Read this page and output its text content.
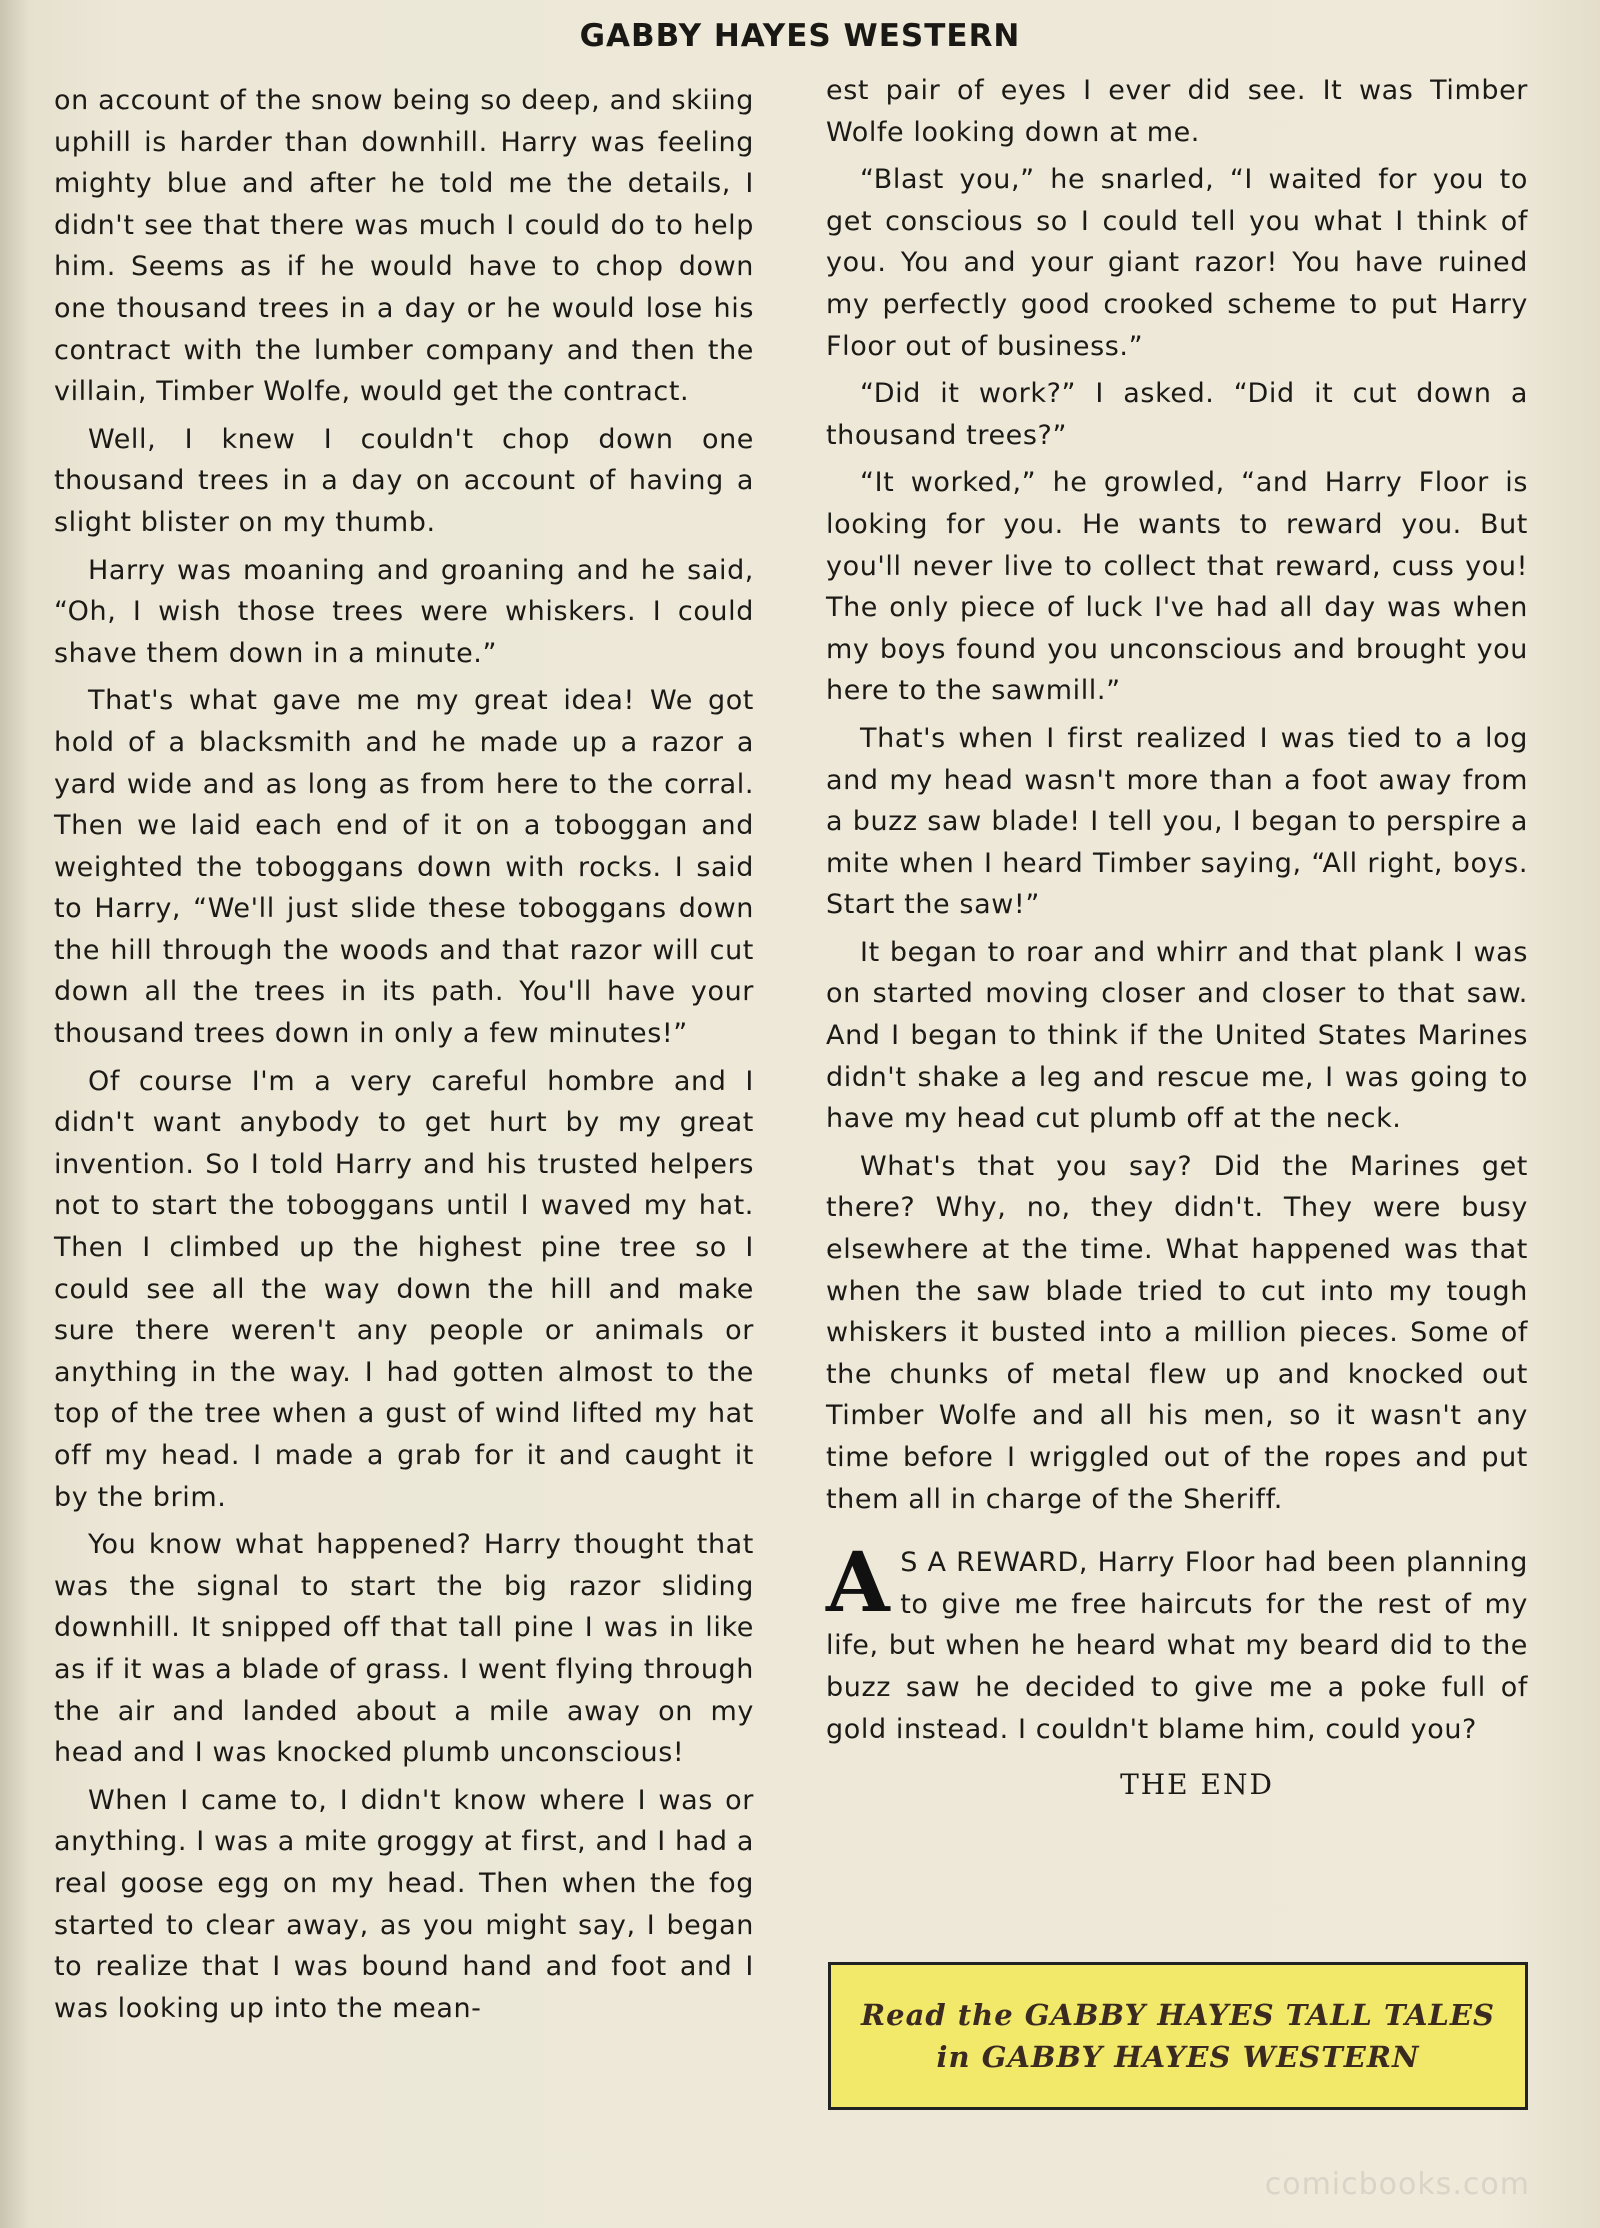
GABBY HAYES WESTERN

on account of the snow being so deep, and skiing uphill is harder than downhill. Harry was feeling mighty blue and after he told me the details, I didn't see that there was much I could do to help him. Seems as if he would have to chop down one thousand trees in a day or he would lose his contract with the lumber company and then the villain, Timber Wolfe, would get the contract.

Well, I knew I couldn't chop down one thousand trees in a day on account of having a slight blister on my thumb.

Harry was moaning and groaning and he said, “Oh, I wish those trees were whiskers. I could shave them down in a minute.”

That's what gave me my great idea! We got hold of a blacksmith and he made up a razor a yard wide and as long as from here to the corral. Then we laid each end of it on a toboggan and weighted the toboggans down with rocks. I said to Harry, “We'll just slide these toboggans down the hill through the woods and that razor will cut down all the trees in its path. You'll have your thousand trees down in only a few minutes!”

Of course I'm a very careful hombre and I didn't want anybody to get hurt by my great invention. So I told Harry and his trusted helpers not to start the toboggans until I waved my hat. Then I climbed up the highest pine tree so I could see all the way down the hill and make sure there weren't any people or animals or anything in the way. I had gotten almost to the top of the tree when a gust of wind lifted my hat off my head. I made a grab for it and caught it by the brim.

You know what happened? Harry thought that was the signal to start the big razor sliding downhill. It snipped off that tall pine I was in like as if it was a blade of grass. I went flying through the air and landed about a mile away on my head and I was knocked plumb unconscious!

When I came to, I didn't know where I was or anything. I was a mite groggy at first, and I had a real goose egg on my head. Then when the fog started to clear away, as you might say, I began to realize that I was bound hand and foot and I was looking up into the mean-

est pair of eyes I ever did see. It was Timber Wolfe looking down at me.

“Blast you,” he snarled, “I waited for you to get conscious so I could tell you what I think of you. You and your giant razor! You have ruined my perfectly good crooked scheme to put Harry Floor out of business.”

“Did it work?” I asked. “Did it cut down a thousand trees?”

“It worked,” he growled, “and Harry Floor is looking for you. He wants to reward you. But you'll never live to collect that reward, cuss you! The only piece of luck I've had all day was when my boys found you unconscious and brought you here to the sawmill.”

That's when I first realized I was tied to a log and my head wasn't more than a foot away from a buzz saw blade! I tell you, I began to perspire a mite when I heard Timber saying, “All right, boys. Start the saw!”

It began to roar and whirr and that plank I was on started moving closer and closer to that saw. And I began to think if the United States Marines didn't shake a leg and rescue me, I was going to have my head cut plumb off at the neck.

What's that you say? Did the Marines get there? Why, no, they didn't. They were busy elsewhere at the time. What happened was that when the saw blade tried to cut into my tough whiskers it busted into a million pieces. Some of the chunks of metal flew up and knocked out Timber Wolfe and all his men, so it wasn't any time before I wriggled out of the ropes and put them all in charge of the Sheriff.

A S A REWARD, Harry Floor had been planning to give me free haircuts for the rest of my life, but when he heard what my beard did to the buzz saw he decided to give me a poke full of gold instead. I couldn't blame him, could you?

THE END
Read the GABBY HAYES TALL TALES
in GABBY HAYES WESTERN
comicbooks.com
